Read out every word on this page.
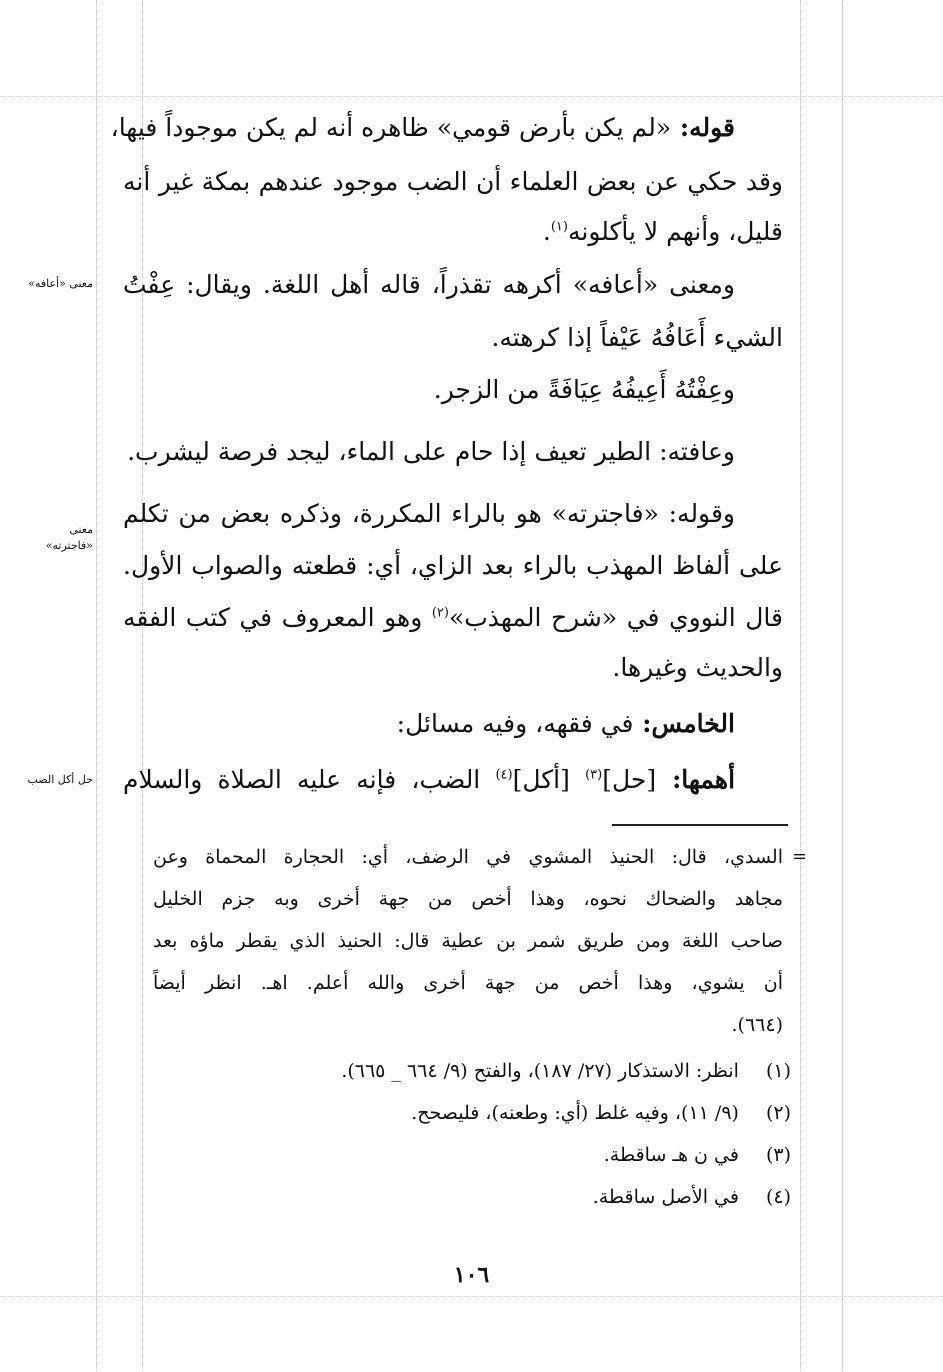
قوله: «لم يكن بأرض قومي» ظاهره أنه لم يكن موجوداً فيها،
وقد حكي عن بعض العلماء أن الضب موجود عندهم بمكة غير أنه
قليل، وأنهم لا يأكلونه$^{(١)}$.
ومعنى «أعافه» أكرهه تقذراً، قاله أهل اللغة. ويقال: عِفْتُ
الشيء أَعَافُهُ عَيْفاً إذا كرهته.
وعِفْتُهُ أَعِيفُهُ عِيَافَةً من الزجر.
وعافته: الطير تعيف إذا حام على الماء، ليجد فرصة ليشرب.
وقوله: «فاجترته» هو بالراء المكررة، وذكره بعض من تكلم
على ألفاظ المهذب بالراء بعد الزاي، أي: قطعته والصواب الأول.
قال النووي في «شرح المهذب»$^{(٢)}$ وهو المعروف في كتب الفقه
والحديث وغيرها.
الخامس: في فقهه، وفيه مسائل:
أهمها: [حل]$^{(٣)}$ [أكل]$^{(٤)}$ الضب، فإنه عليه الصلاة والسلام
معنى «أعافه»
معنى «فاجترته»
حل أكل الضب
=
السدي، قال: الحنيذ المشوي في الرضف، أي: الحجارة المحماة وعن
مجاهد والضحاك نحوه، وهذا أخص من جهة أخرى وبه جزم الخليل
صاحب اللغة ومن طريق شمر بن عطية قال: الحنيذ الذي يقطر ماؤه بعد
أن يشوي، وهذا أخص من جهة أخرى والله أعلم. اهـ. انظر أيضاً
(٦٦٤).
(١) انظر: الاستذكار (٢٧/ ١٨٧)، والفتح (٩/ ٦٦٤ _ ٦٦٥).
(٢) (٩/ ١١)، وفيه غلط (أي: وطعنه)، فليصحح.
(٣) في ن هـ ساقطة.
(٤) في الأصل ساقطة.
١٠٦
